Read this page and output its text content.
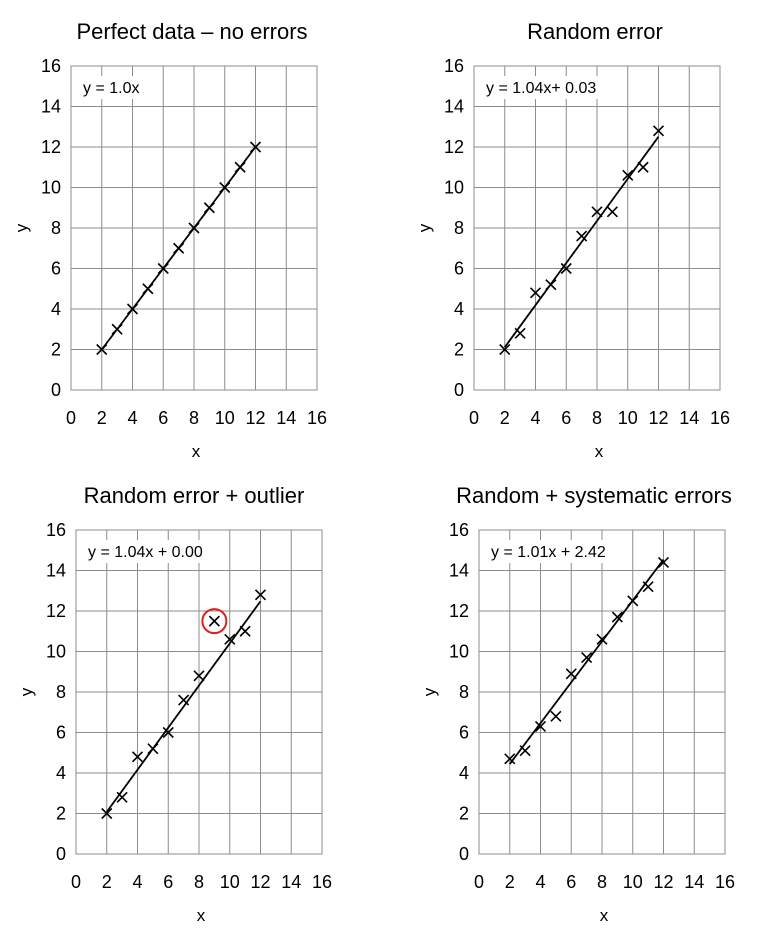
Perfect data – no errors
0 2 4 6 8 10 12 14 16
0
2
4
6
8
10
12
14
16
x
y
y = 1.0x
Random error
0 2 4 6 8 10 12 14 16
0
2
4
6
8
10
12
14
16
x
y
y = 1.04x+ 0.03
Random error + outlier
0 2 4 6 8 10 12 14 16
0
2
4
6
8
10
12
14
16
x
y
y = 1.04x + 0.00
Random + systematic errors
0 2 4 6 8 10 12 14 16
0
2
4
6
8
10
12
14
16
x
y
y = 1.01x + 2.42
